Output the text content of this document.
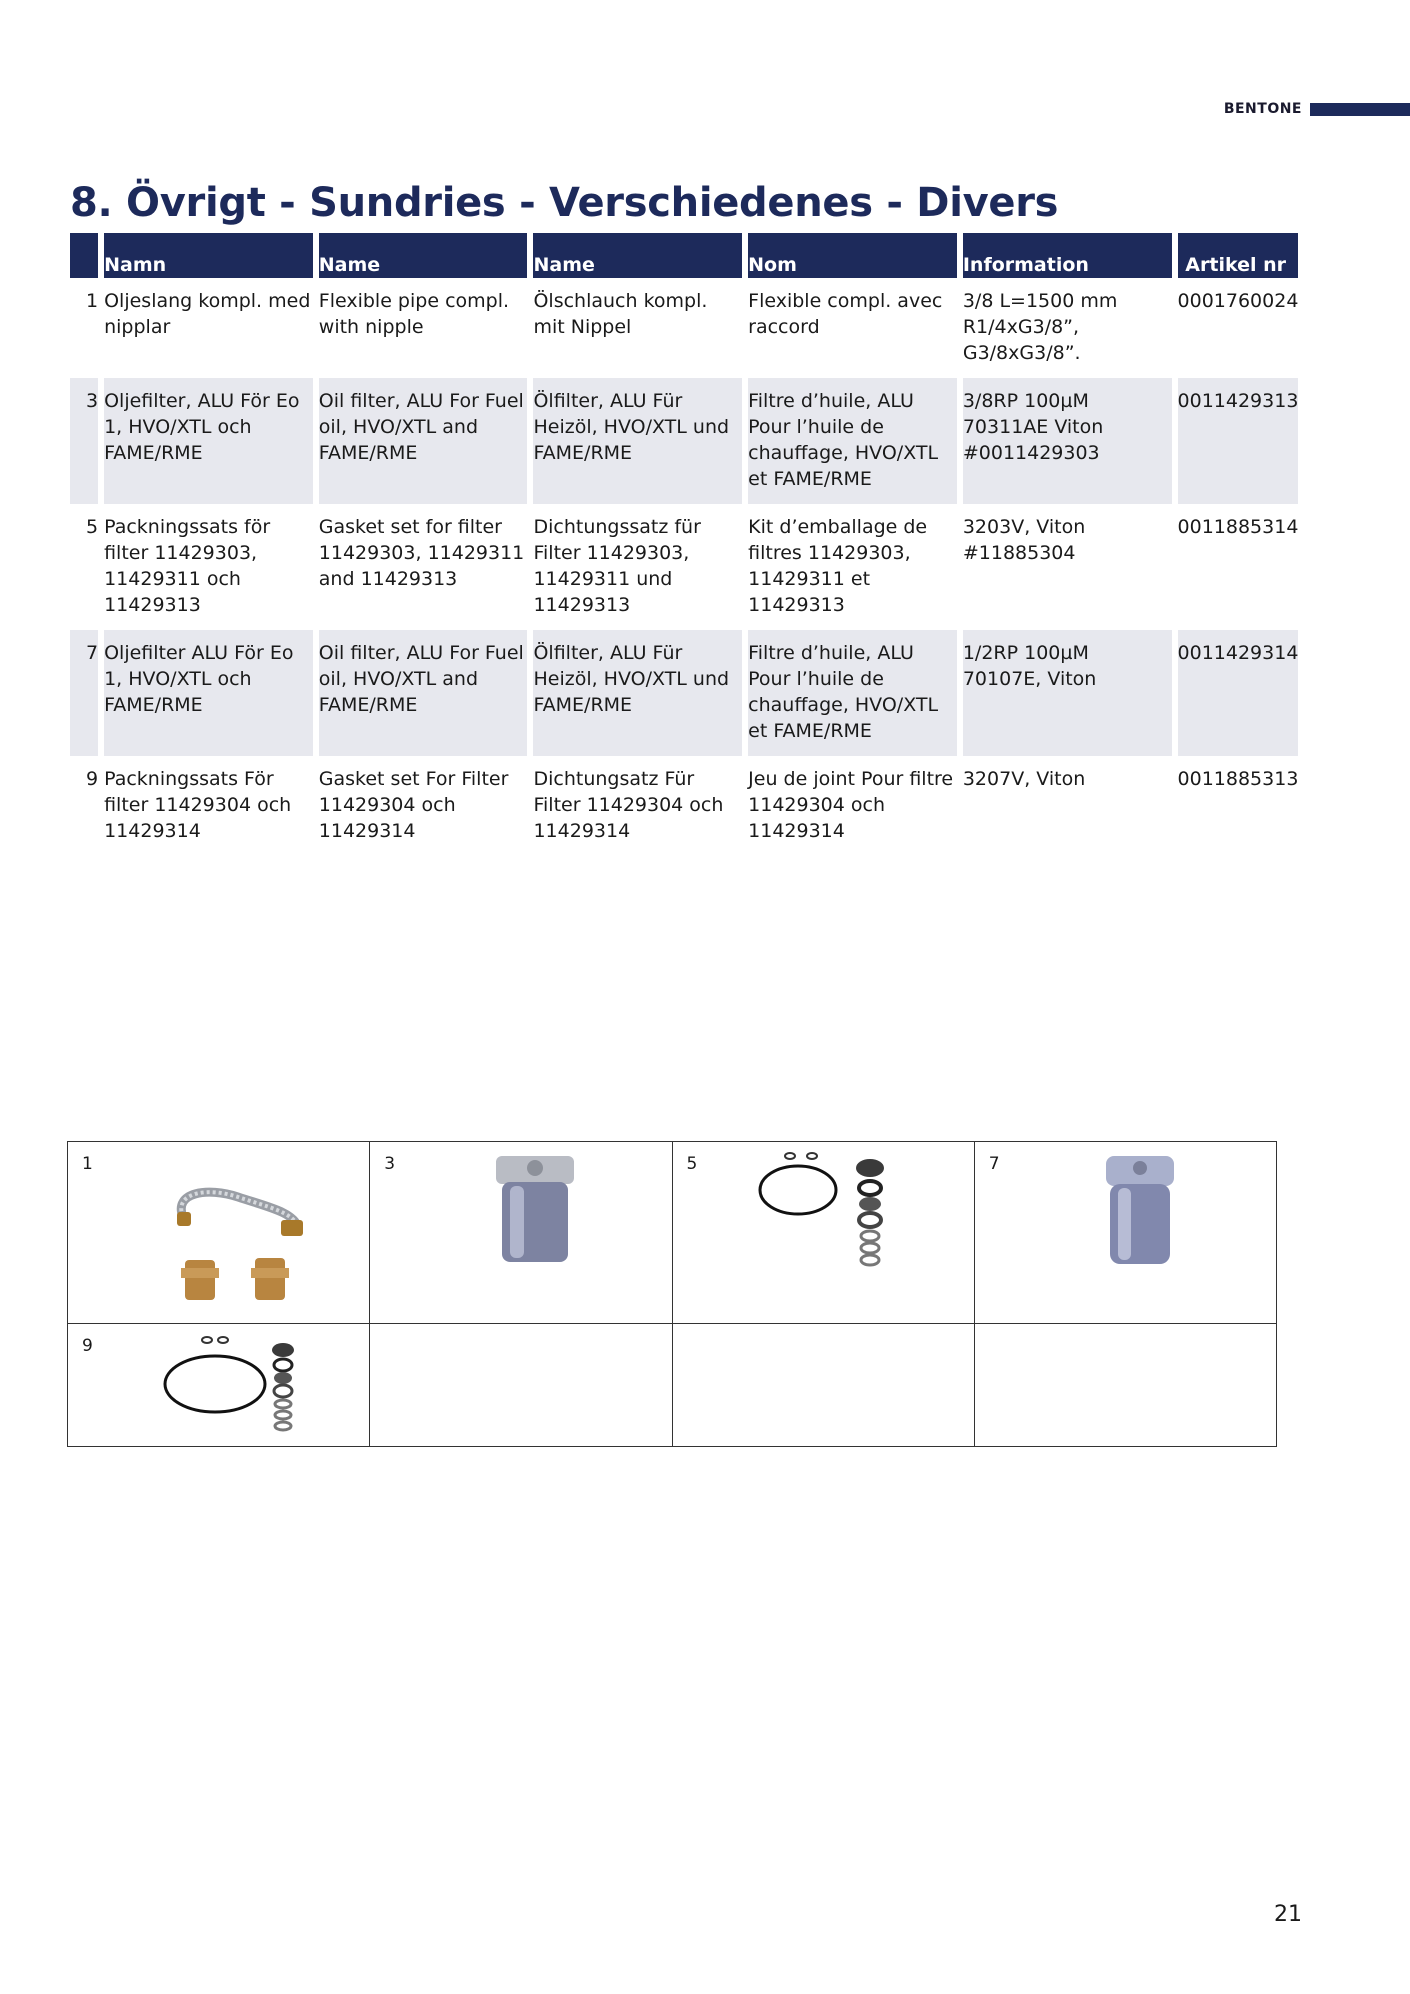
BENTONE
8. Övrigt - Sundries - Verschiedenes - Divers
	Namn	Name	Name	Nom	Information	Artikel nr
1	Oljeslang kompl. med nipplar	Flexible pipe compl. with nipple	Ölschlauch kompl. mit Nippel	Flexible compl. avec raccord	3/8 L=1500 mm R1/4xG3/8”, G3/8xG3/8”.	0001760024
3	Oljefilter, ALU För Eo 1, HVO/XTL och FAME/RME	Oil filter, ALU For Fuel oil, HVO/XTL and FAME/RME	Ölfilter, ALU Für Heizöl, HVO/XTL und FAME/RME	Filtre d’huile, ALU Pour l’huile de chauffage, HVO/XTL et FAME/RME	3/8RP 100µM 70311AE Viton #0011429303	0011429313
5	Packningssats för filter 11429303, 11429311 och 11429313	Gasket set for filter 11429303, 11429311 and 11429313	Dichtungssatz für Filter 11429303, 11429311 und 11429313	Kit d’emballage de filtres 11429303, 11429311 et 11429313	3203V, Viton #11885304	0011885314
7	Oljefilter ALU För Eo 1, HVO/XTL och FAME/RME	Oil filter, ALU For Fuel oil, HVO/XTL and FAME/RME	Ölfilter, ALU Für Heizöl, HVO/XTL und FAME/RME	Filtre d’huile, ALU Pour l’huile de chauffage, HVO/XTL et FAME/RME	1/2RP 100µM 70107E, Viton	0011429314
9	Packningssats För filter 11429304 och 11429314	Gasket set For Filter 11429304 och 11429314	Dichtungsatz Für Filter 11429304 och 11429314	Jeu de joint Pour filtre 11429304 och 11429314	3207V, Viton	0011885313
1	3	5	7

9			

21
